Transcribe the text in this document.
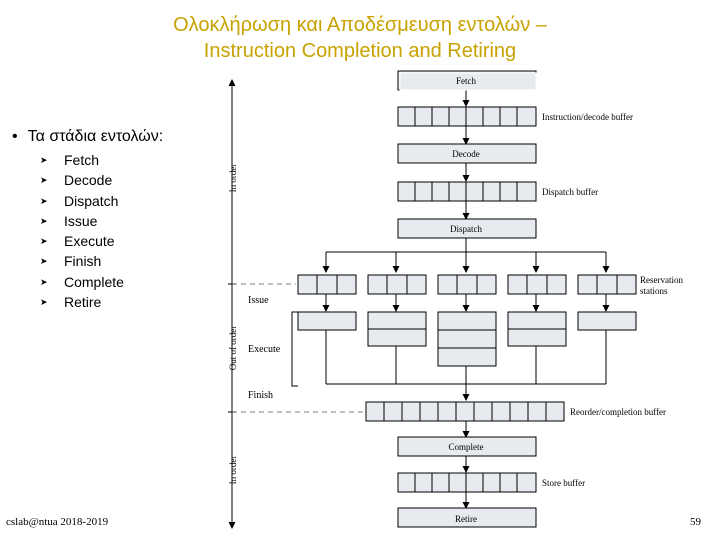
Ολοκλήρωση και Αποδέσμευση εντολών –
Instruction Completion and Retiring
• Τα στάδια εντολών:
➤	Fetch
➤	Decode
➤	Dispatch
➤	Issue
➤	Execute
➤	Finish
➤	Complete
➤	Retire
In order
Out of order
In order
Issue
Execute
Finish
Fetch
Decode
Dispatch
Complete
Retire
Instruction/decode buffer
Dispatch buffer
Reservation
stations
Reorder/completion buffer
Store buffer
cslab@ntua 2018-2019	59
